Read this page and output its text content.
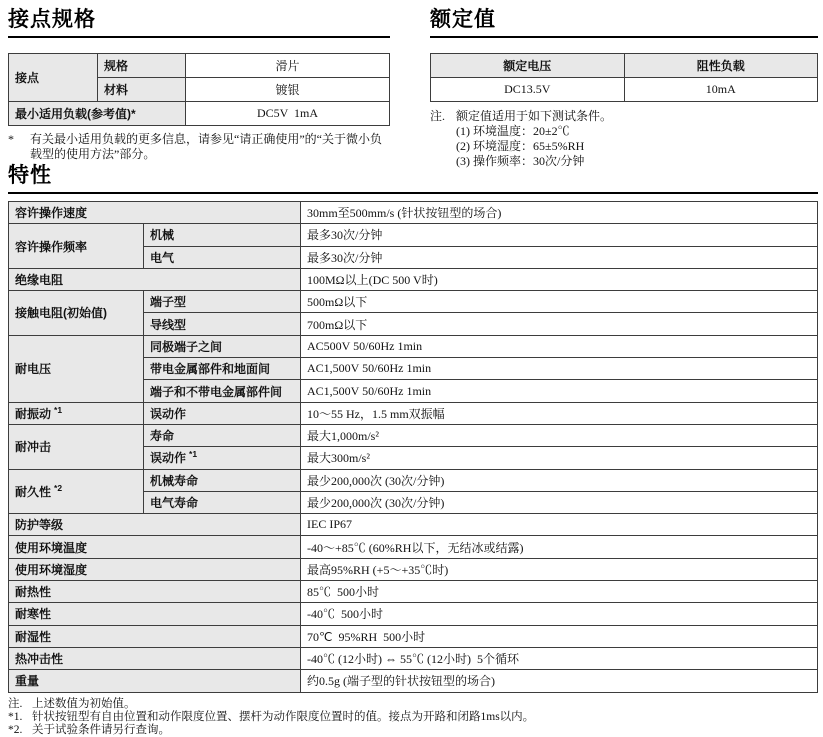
接点规格
接点	规格	滑片
	材料	镀银
最小适用负载(参考值)*		DC5V  1mA
*	有关最小适用负载的更多信息，请参见“请正确使用”的“关于微小负载型的使用方法”部分。
额定值
额定电压	阻性负载
DC13.5V	10mA
注. 额定值适用于如下测试条件。
(1) 环境温度：20±2℃
(2) 环境湿度：65±5%RH
(3) 操作频率：30次/分钟
特性
容许操作速度		30mm至500mm/s (针状按钮型的场合)
容许操作频率	机械	最多30次/分钟
	电气	最多30次/分钟
绝缘电阻		100MΩ以上(DC 500 V时)
接触电阻(初始值)	端子型	500mΩ以下
	导线型	700mΩ以下
耐电压	同极端子之间	AC500V 50/60Hz 1min
	带电金属部件和地面间	AC1,500V 50/60Hz 1min
	端子和不带电金属部件间	AC1,500V 50/60Hz 1min
耐振动 $^{*1}$	误动作	10～55 Hz，1.5 mm双振幅
耐冲击	寿命	最大1,000m/s²
	误动作 $^{*1}$	最大300m/s²
耐久性 $^{*2}$	机械寿命	最少200,000次 (30次/分钟)
	电气寿命	最少200,000次 (30次/分钟)
防护等级		IEC IP67
使用环境温度		-40～+85℃ (60%RH以下，无结冰或结露)
使用环境湿度		最高95%RH (+5～+35℃时)
耐热性		85℃  500小时
耐寒性		-40℃  500小时
耐湿性		70℃  95%RH  500小时
热冲击性		-40℃ (12小时) ⇔ 55℃ (12小时)  5个循环
重量		约0.5g (端子型的针状按钮型的场合)
注. 上述数值为初始值。
*1. 针状按钮型有自由位置和动作限度位置、摆杆为动作限度位置时的值。接点为开路和闭路1ms以内。
*2. 关于试验条件请另行查询。
